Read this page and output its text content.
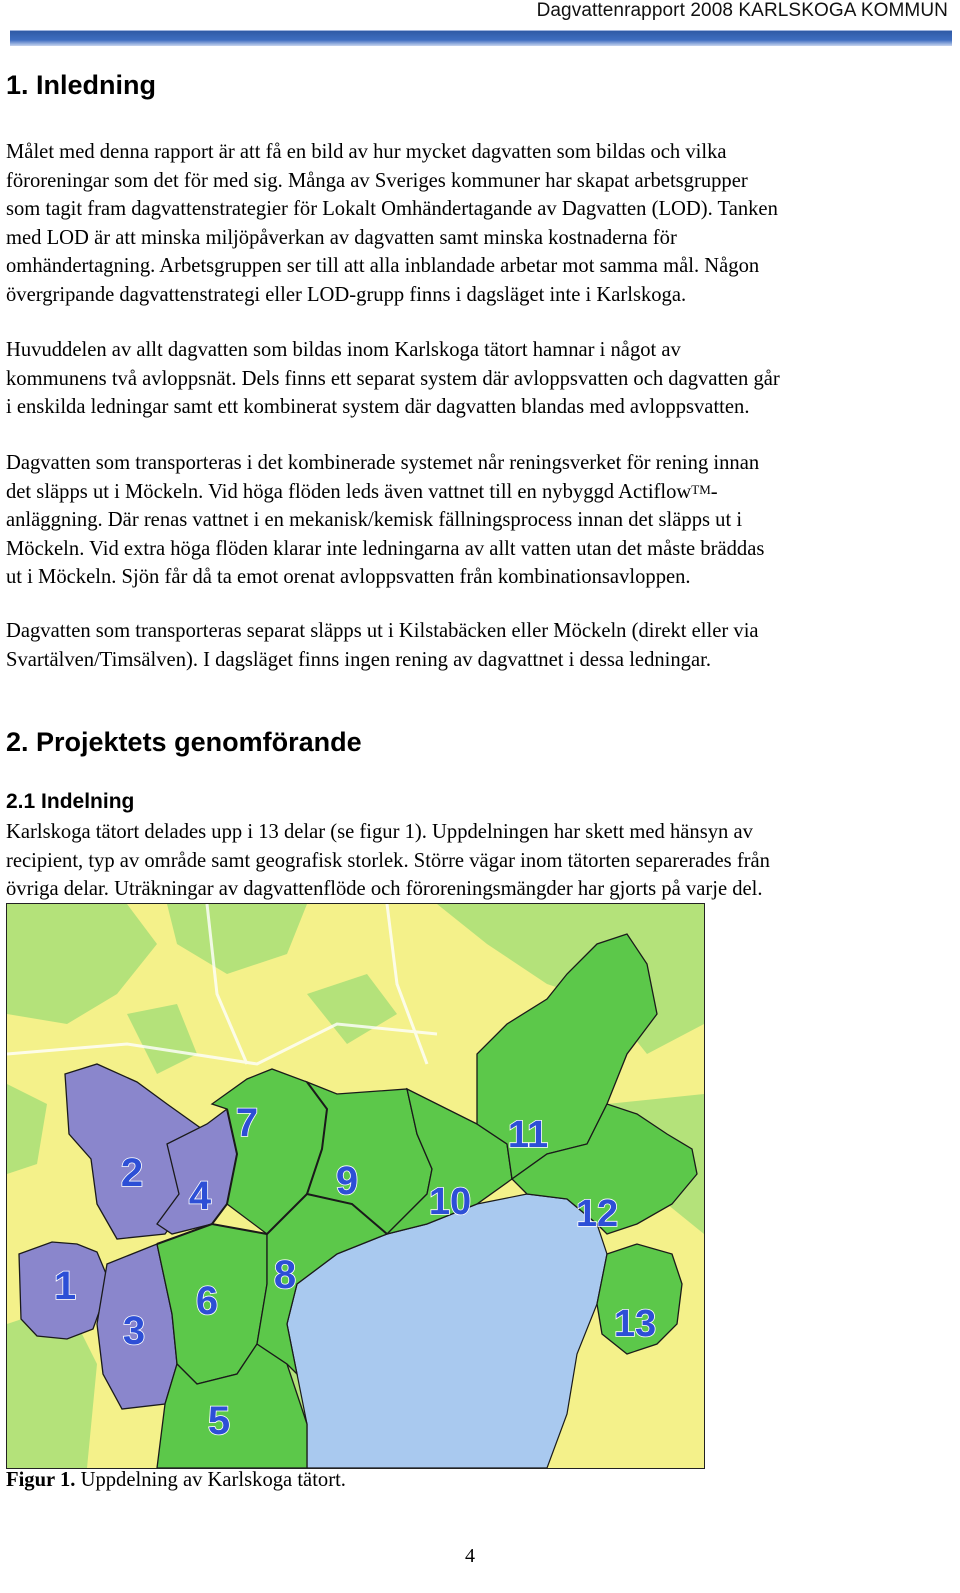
Dagvattenrapport 2008 KARLSKOGA KOMMUN
1. Inledning

Målet med denna rapport är att få en bild av hur mycket dagvatten som bildas och vilka
föroreningar som det för med sig. Många av Sveriges kommuner har skapat arbetsgrupper
som tagit fram dagvattenstrategier för Lokalt Omhändertagande av Dagvatten (LOD). Tanken
med LOD är att minska miljöpåverkan av dagvatten samt minska kostnaderna för
omhändertagning. Arbetsgruppen ser till att alla inblandade arbetar mot samma mål. Någon
övergripande dagvattenstrategi eller LOD-grupp finns i dagsläget inte i Karlskoga.

Huvuddelen av allt dagvatten som bildas inom Karlskoga tätort hamnar i något av
kommunens två avloppsnät. Dels finns ett separat system där avloppsvatten och dagvatten går
i enskilda ledningar samt ett kombinerat system där dagvatten blandas med avloppsvatten.

Dagvatten som transporteras i det kombinerade systemet når reningsverket för rening innan
det släpps ut i Möckeln. Vid höga flöden leds även vattnet till en nybyggd Actiflow™-
anläggning. Där renas vattnet i en mekanisk/kemisk fällningsprocess innan det släpps ut i
Möckeln. Vid extra höga flöden klarar inte ledningarna av allt vatten utan det måste bräddas
ut i Möckeln. Sjön får då ta emot orenat avloppsvatten från kombinationsavloppen.

Dagvatten som transporteras separat släpps ut i Kilstabäcken eller Möckeln (direkt eller via
Svartälven/Timsälven). I dagsläget finns ingen rening av dagvattnet i dessa ledningar.

2. Projektets genomförande
2.1 Indelning

Karlskoga tätort delades upp i 13 delar (se figur 1). Uppdelningen har skett med hänsyn av
recipient, typ av område samt geografisk storlek. Större vägar inom tätorten separerades från
övriga delar. Uträkningar av dagvattenflöde och föroreningsmängder har gjorts på varje del.

1
2
3
4
5
6
7
8
9 10
11
12
13

Figur 1. Uppdelning av Karlskoga tätort.

4
